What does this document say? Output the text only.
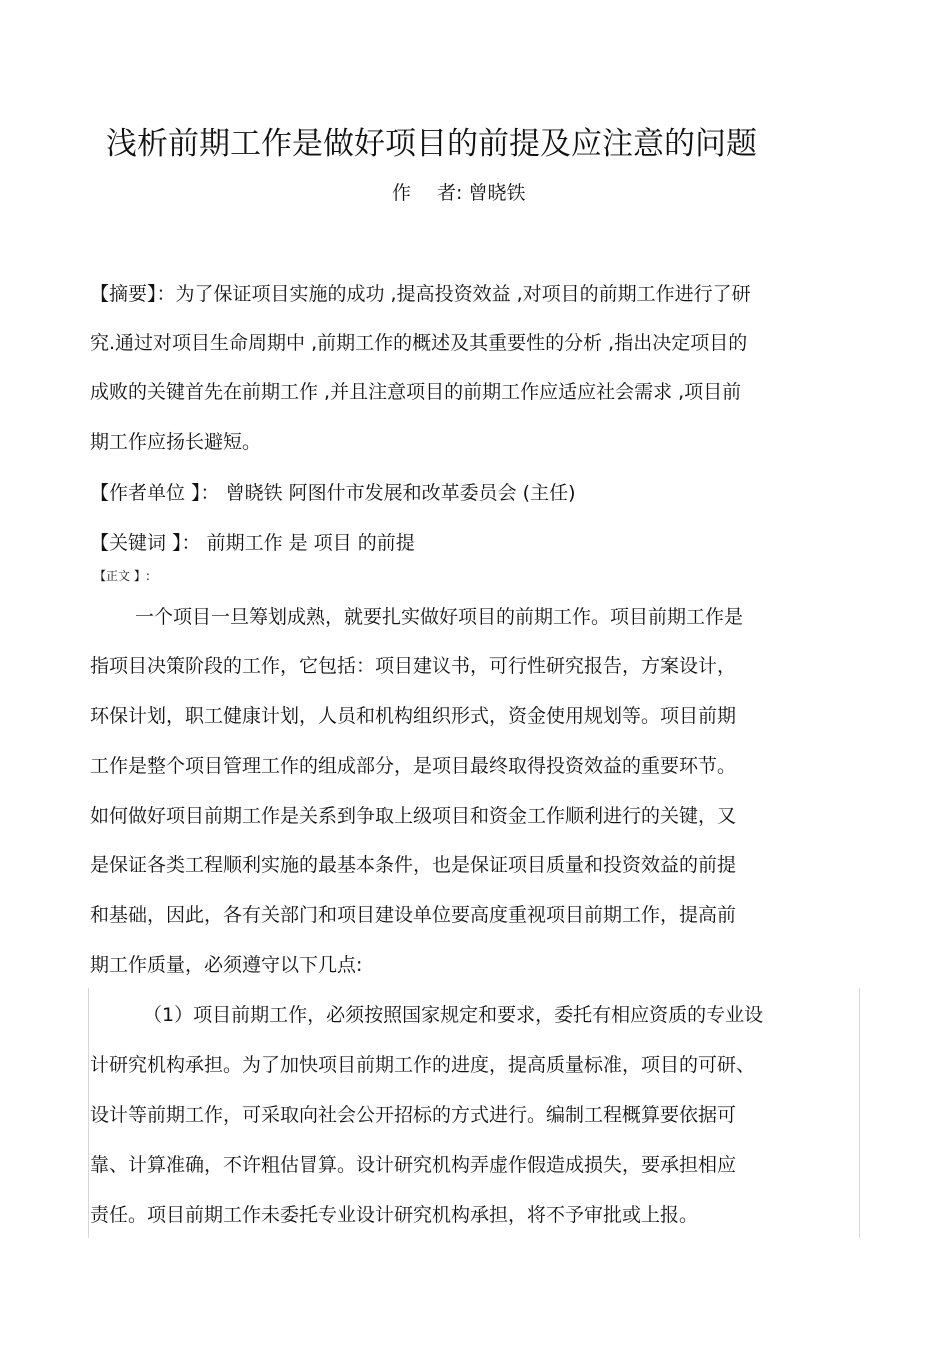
浅析前期工作是做好项目的前提及应注意的问题
作 者: 曾晓铁
【摘要】：为了保证项目实施的成功 ,提高投资效益 ,对项目的前期工作进行了研
究.通过对项目生命周期中 ,前期工作的概述及其重要性的分析 ,指出决定项目的
成败的关键首先在前期工作 ,并且注意项目的前期工作应适应社会需求 ,项目前
期工作应扬长避短。
【作者单位 】： 曾晓铁 阿图什市发展和改革委员会 (主任)
【关键词 】： 前期工作 是 项目 的前提
【正文 】:
一个项目一旦筹划成熟，就要扎实做好项目的前期工作。项目前期工作是
指项目决策阶段的工作，它包括：项目建议书，可行性研究报告，方案设计，
环保计划，职工健康计划，人员和机构组织形式，资金使用规划等。项目前期
工作是整个项目管理工作的组成部分，是项目最终取得投资效益的重要环节。
如何做好项目前期工作是关系到争取上级项目和资金工作顺利进行的关键，又
是保证各类工程顺利实施的最基本条件，也是保证项目质量和投资效益的前提
和基础，因此，各有关部门和项目建设单位要高度重视项目前期工作，提高前
期工作质量，必须遵守以下几点:
（1）项目前期工作，必须按照国家规定和要求，委托有相应资质的专业设
计研究机构承担。为了加快项目前期工作的进度，提高质量标准，项目的可研、
设计等前期工作，可采取向社会公开招标的方式进行。编制工程概算要依据可
靠、计算准确，不许粗估冒算。设计研究机构弄虚作假造成损失，要承担相应
责任。项目前期工作未委托专业设计研究机构承担，将不予审批或上报。
